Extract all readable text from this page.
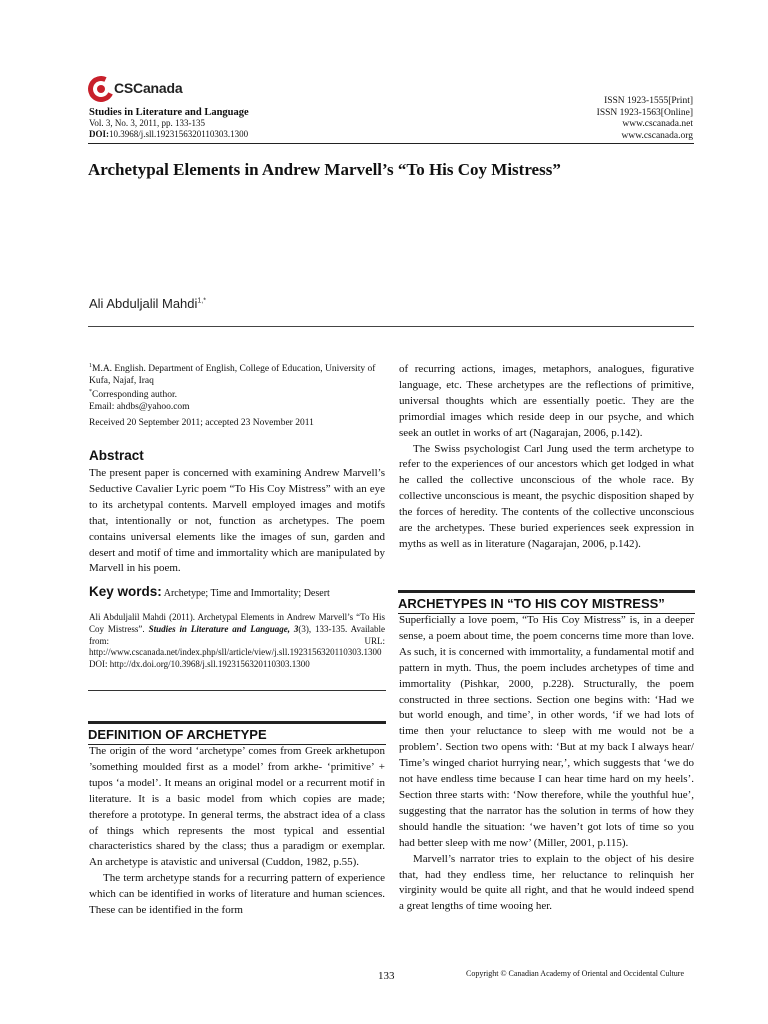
CSCanada
Studies in Literature and Language
Vol. 3, No. 3, 2011, pp. 133-135
DOI:10.3968/j.sll.1923156320110303.1300
ISSN 1923-1555[Print]
ISSN 1923-1563[Online]
www.cscanada.net
www.cscanada.org
Archetypal Elements in Andrew Marvell’s “To His Coy Mistress”
Ali Abduljalil Mahdi$^{1,*}$
$^1$M.A. English. Department of English, College of Education, University of Kufa, Najaf, Iraq
*Corresponding author.
Email: ahdbs@yahoo.com
Received 20 September 2011; accepted 23 November 2011
Abstract
The present paper is concerned with examining Andrew Marvell’s Seductive Cavalier Lyric poem “To His Coy Mistress” with an eye to its archetypal contents. Marvell employed images and motifs that, intentionally or not, function as archetypes. The poem contains universal elements like the images of sun, garden and desert and motif of time and immortality which are manipulated by Marvell in his poem.
Key words: Archetype; Time and Immortality; Desert
Ali Abduljalil Mahdi (2011). Archetypal Elements in Andrew Marvell’s “To His Coy Mistress”. Studies in Literature and Language, 3(3), 133-135. Available from: URL: http://www.cscanada.net/index.php/sll/article/view/j.sll.1923156320110303.1300
DOI: http://dx.doi.org/10.3968/j.sll.1923156320110303.1300
DEFINITION OF ARCHETYPE

The origin of the word ‘archetype’ comes from Greek arkhetupon ’something moulded first as a model’ from arkhe- ‘primitive’ + tupos ‘a model’. It means an original model or a recurrent motif in literature. It is a basic model from which copies are made; therefore a prototype. In general terms, the abstract idea of a class of things which represents the most typical and essential characteristics shared by the class; thus a paradigm or exemplar. An archetype is atavistic and universal (Cuddon, 1982, p.55).

The term archetype stands for a recurring pattern of experience which can be identified in works of literature and human sciences. These can be identified in the form

of recurring actions, images, metaphors, analogues, figurative language, etc. These archetypes are the reflections of primitive, universal thoughts which are essentially poetic. They are the primordial images which reside deep in our psyche, and which seek an outlet in works of art (Nagarajan, 2006, p.142).

The Swiss psychologist Carl Jung used the term archetype to refer to the experiences of our ancestors which get lodged in what he called the collective unconscious of the whole race. By collective unconscious is meant, the psychic disposition shaped by the forces of heredity. The contents of the collective unconscious are the archetypes. These buried experiences seek expression in myths as well as in literature (Nagarajan, 2006, p.142).

ARCHETYPES IN “TO HIS COY MISTRESS”

Superficially a love poem, “To His Coy Mistress” is, in a deeper sense, a poem about time, the poem concerns time more than love. As such, it is concerned with immortality, a fundamental motif and pattern in myth. Thus, the poem includes archetypes of time and immortality (Pishkar, 2000, p.228). Structurally, the poem constructed in three sections. Section one begins with: ‘Had we but world enough, and time’, in other words, ‘if we had lots of time then your reluctance to sleep with me would not be a problem’. Section two opens with: ‘But at my back I always hear/ Time’s winged chariot hurrying near,’, which suggests that ‘we do not have endless time because I can hear time hard on my heels’. Section three starts with: ‘Now therefore, while the youthful hue’, suggesting that the narrator has the solution in terms of how they should handle the situation: ‘we haven’t got lots of time so you had better sleep with me now’ (Miller, 2001, p.115).

Marvell’s narrator tries to explain to the object of his desire that, had they endless time, her reluctance to relinquish her virginity would be quite all right, and that he would indeed spend a great lengths of time wooing her.

133	Copyright © Canadian Academy of Oriental and Occidental Culture
